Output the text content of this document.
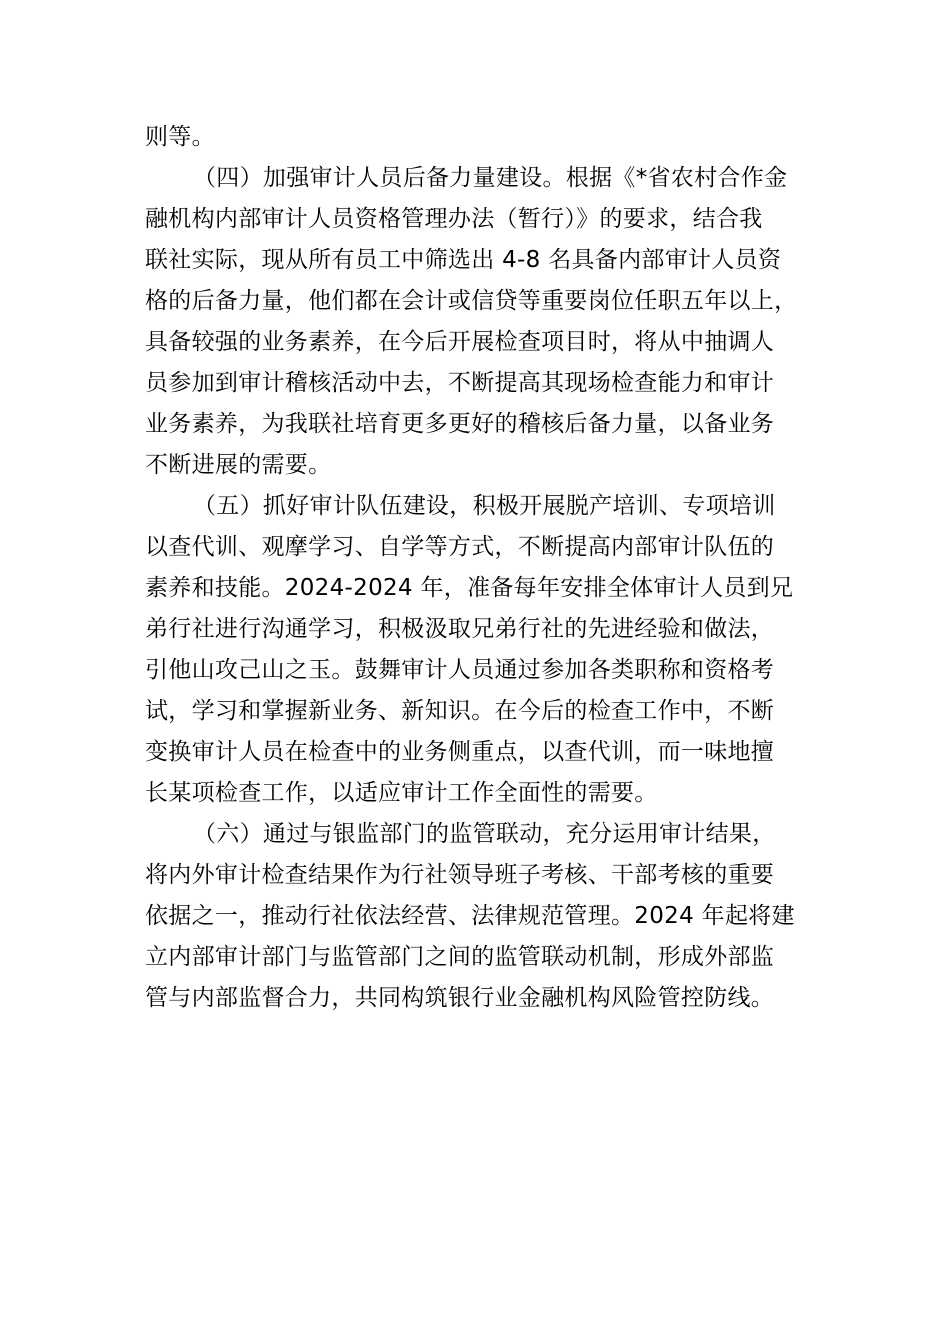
则等。
（四）加强审计人员后备力量建设。根据《*省农村合作金
融机构内部审计人员资格管理办法（暂行）》的要求，结合我
联社实际，现从所有员工中筛选出 4-8 名具备内部审计人员资
格的后备力量，他们都在会计或信贷等重要岗位任职五年以上，
具备较强的业务素养，在今后开展检查项目时，将从中抽调人
员参加到审计稽核活动中去，不断提高其现场检查能力和审计
业务素养，为我联社培育更多更好的稽核后备力量，以备业务
不断进展的需要。
（五）抓好审计队伍建设，积极开展脱产培训、专项培训
以查代训、观摩学习、自学等方式，不断提高内部审计队伍的
素养和技能。2024-2024 年，准备每年安排全体审计人员到兄
弟行社进行沟通学习，积极汲取兄弟行社的先进经验和做法，
引他山攻己山之玉。鼓舞审计人员通过参加各类职称和资格考
试，学习和掌握新业务、新知识。在今后的检查工作中，不断
变换审计人员在检查中的业务侧重点，以查代训，而一味地擅
长某项检查工作，以适应审计工作全面性的需要。
（六）通过与银监部门的监管联动，充分运用审计结果，
将内外审计检查结果作为行社领导班子考核、干部考核的重要
依据之一，推动行社依法经营、法律规范管理。2024 年起将建
立内部审计部门与监管部门之间的监管联动机制，形成外部监
管与内部监督合力，共同构筑银行业金融机构风险管控防线。
